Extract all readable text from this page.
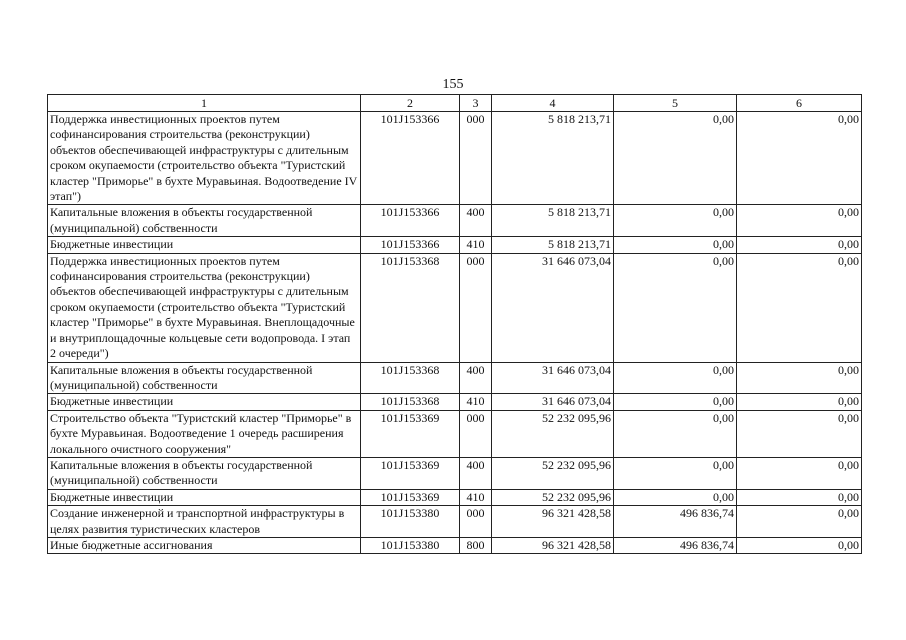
155
1	2	3	4	5	6
Поддержка инвестиционных проектов путем софинансирования строительства (реконструкции) объектов обеспечивающей инфраструктуры с длительным сроком окупаемости (строительство объекта "Туристский кластер "Приморье" в бухте Муравьиная. Водоотведение IV этап")	101J153366	000	5 818 213,71	0,00	0,00
Капитальные вложения в объекты государственной (муниципальной) собственности	101J153366	400	5 818 213,71	0,00	0,00
Бюджетные инвестиции	101J153366	410	5 818 213,71	0,00	0,00
Поддержка инвестиционных проектов путем софинансирования строительства (реконструкции) объектов обеспечивающей инфраструктуры с длительным сроком окупаемости (строительство объекта "Туристский кластер "Приморье" в бухте Муравьиная. Внеплощадочные и внутриплощадочные кольцевые сети водопровода. I этап 2 очереди")	101J153368	000	31 646 073,04	0,00	0,00
Капитальные вложения в объекты государственной (муниципальной) собственности	101J153368	400	31 646 073,04	0,00	0,00
Бюджетные инвестиции	101J153368	410	31 646 073,04	0,00	0,00
Строительство объекта "Туристский кластер "Приморье" в бухте Муравьиная. Водоотведение 1 очередь расширения локального очистного сооружения"	101J153369	000	52 232 095,96	0,00	0,00
Капитальные вложения в объекты государственной (муниципальной) собственности	101J153369	400	52 232 095,96	0,00	0,00
Бюджетные инвестиции	101J153369	410	52 232 095,96	0,00	0,00
Создание инженерной и транспортной инфраструктуры в целях развития туристических кластеров	101J153380	000	96 321 428,58	496 836,74	0,00
Иные бюджетные ассигнования	101J153380	800	96 321 428,58	496 836,74	0,00
